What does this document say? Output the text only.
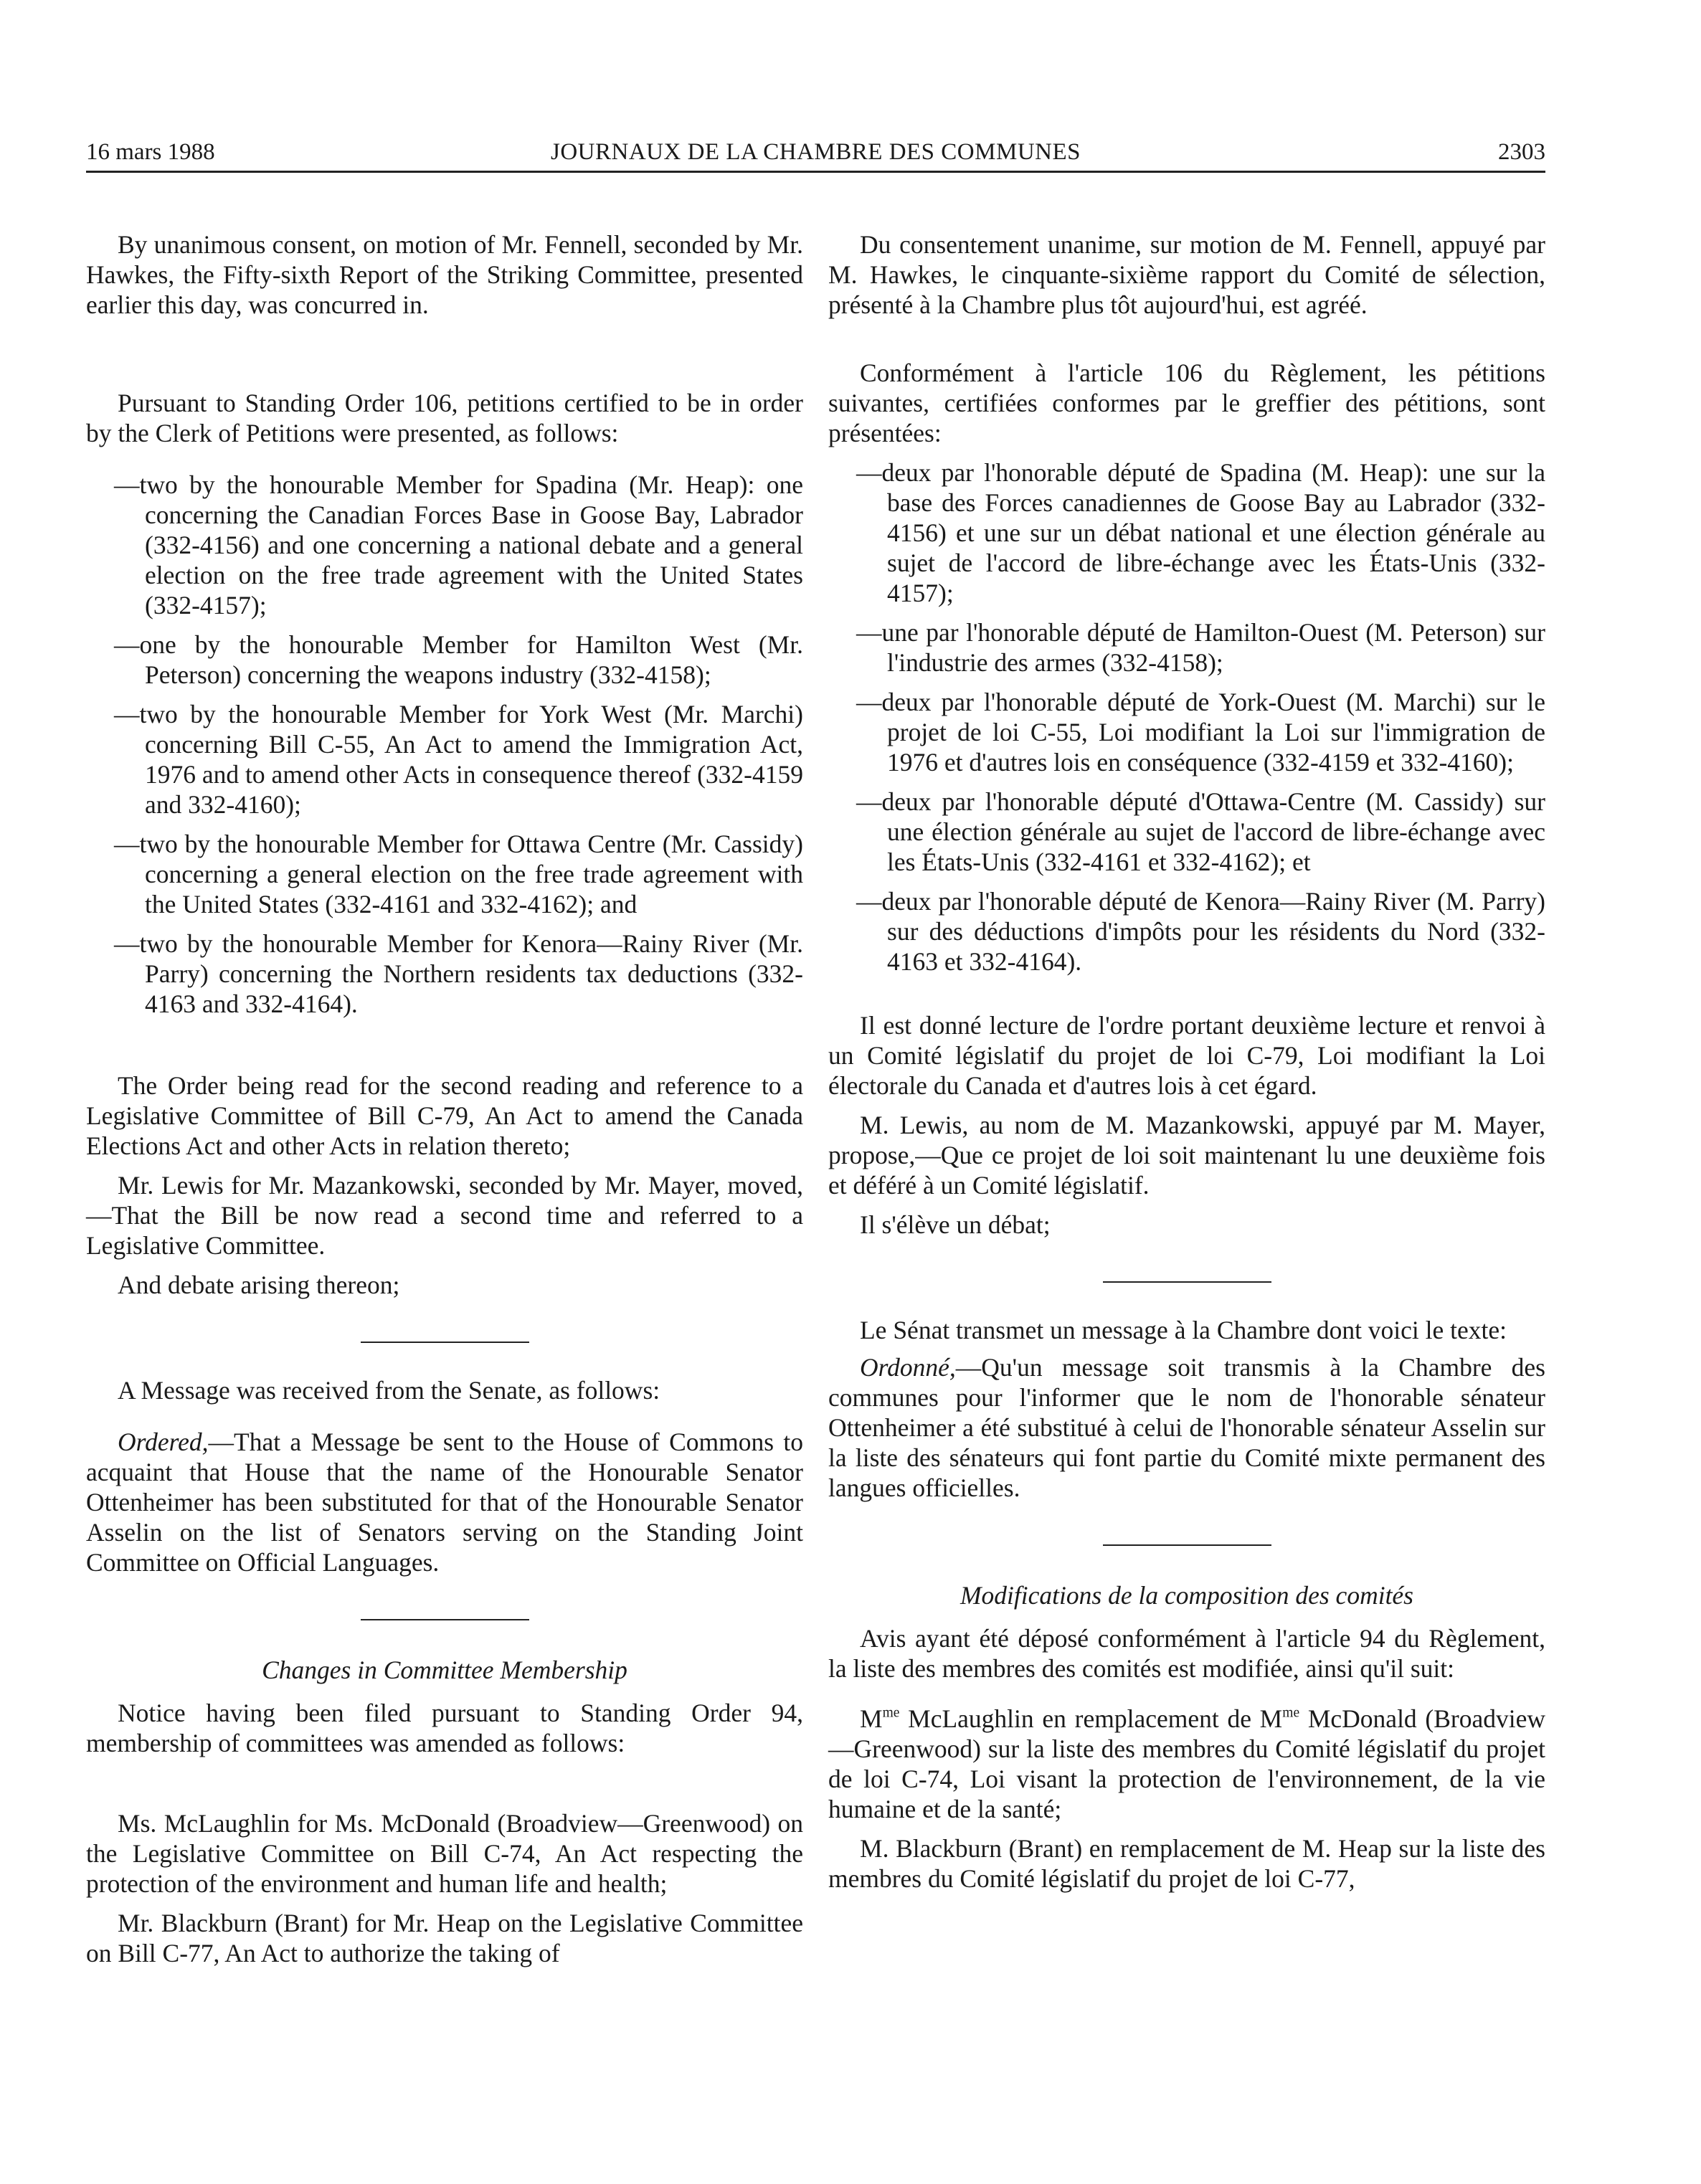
16 mars 1988	JOURNAUX DE LA CHAMBRE DES COMMUNES	2303

By unanimous consent, on motion of Mr. Fennell, seconded by Mr. Hawkes, the Fifty-sixth Report of the Striking Committee, presented earlier this day, was concurred in.

Pursuant to Standing Order 106, petitions certified to be in order by the Clerk of Petitions were presented, as follows:

—two by the honourable Member for Spadina (Mr. Heap): one concerning the Canadian Forces Base in Goose Bay, Labrador (332-4156) and one concerning a national debate and a general election on the free trade agreement with the United States (332-4157);

—one by the honourable Member for Hamilton West (Mr. Peterson) concerning the weapons industry (332-4158);

—two by the honourable Member for York West (Mr. Marchi) concerning Bill C-55, An Act to amend the Immigration Act, 1976 and to amend other Acts in consequence thereof (332-4159 and 332-4160);

—two by the honourable Member for Ottawa Centre (Mr. Cassidy) concerning a general election on the free trade agreement with the United States (332-4161 and 332-4162); and

—two by the honourable Member for Kenora—Rainy River (Mr. Parry) concerning the Northern residents tax deductions (332-4163 and 332-4164).

The Order being read for the second reading and reference to a Legislative Committee of Bill C-79, An Act to amend the Canada Elections Act and other Acts in relation thereto;

Mr. Lewis for Mr. Mazankowski, seconded by Mr. Mayer, moved,—That the Bill be now read a second time and referred to a Legislative Committee.

And debate arising thereon;

A Message was received from the Senate, as follows:

Ordered,—That a Message be sent to the House of Commons to acquaint that House that the name of the Honourable Senator Ottenheimer has been substituted for that of the Honourable Senator Asselin on the list of Senators serving on the Standing Joint Committee on Official Languages.

Changes in Committee Membership

Notice having been filed pursuant to Standing Order 94, membership of committees was amended as follows:

Ms. McLaughlin for Ms. McDonald (Broadview—Greenwood) on the Legislative Committee on Bill C-74, An Act respecting the protection of the environment and human life and health;

Mr. Blackburn (Brant) for Mr. Heap on the Legislative Committee on Bill C-77, An Act to authorize the taking of

Du consentement unanime, sur motion de M. Fennell, appuyé par M. Hawkes, le cinquante-sixième rapport du Comité de sélection, présenté à la Chambre plus tôt aujourd'hui, est agréé.

Conformément à l'article 106 du Règlement, les pétitions suivantes, certifiées conformes par le greffier des pétitions, sont présentées:

—deux par l'honorable député de Spadina (M. Heap): une sur la base des Forces canadiennes de Goose Bay au Labrador (332-4156) et une sur un débat national et une élection générale au sujet de l'accord de libre-échange avec les États-Unis (332-4157);

—une par l'honorable député de Hamilton-Ouest (M. Peterson) sur l'industrie des armes (332-4158);

—deux par l'honorable député de York-Ouest (M. Marchi) sur le projet de loi C-55, Loi modifiant la Loi sur l'immigration de 1976 et d'autres lois en conséquence (332-4159 et 332-4160);

—deux par l'honorable député d'Ottawa-Centre (M. Cassidy) sur une élection générale au sujet de l'accord de libre-échange avec les États-Unis (332-4161 et 332-4162); et

—deux par l'honorable député de Kenora—Rainy River (M. Parry) sur des déductions d'impôts pour les résidents du Nord (332-4163 et 332-4164).

Il est donné lecture de l'ordre portant deuxième lecture et renvoi à un Comité législatif du projet de loi C-79, Loi modifiant la Loi électorale du Canada et d'autres lois à cet égard.

M. Lewis, au nom de M. Mazankowski, appuyé par M. Mayer, propose,—Que ce projet de loi soit maintenant lu une deuxième fois et déféré à un Comité législatif.

Il s'élève un débat;

Le Sénat transmet un message à la Chambre dont voici le texte:

Ordonné,—Qu'un message soit transmis à la Chambre des communes pour l'informer que le nom de l'honorable sénateur Ottenheimer a été substitué à celui de l'honorable sénateur Asselin sur la liste des sénateurs qui font partie du Comité mixte permanent des langues officielles.

Modifications de la composition des comités

Avis ayant été déposé conformément à l'article 94 du Règlement, la liste des membres des comités est modifiée, ainsi qu'il suit:

$M^{me}$ McLaughlin en remplacement de $M^{me}$ McDonald (Broadview—Greenwood) sur la liste des membres du Comité législatif du projet de loi C-74, Loi visant la protection de l'environnement, de la vie humaine et de la santé;

M. Blackburn (Brant) en remplacement de M. Heap sur la liste des membres du Comité législatif du projet de loi C-77,
